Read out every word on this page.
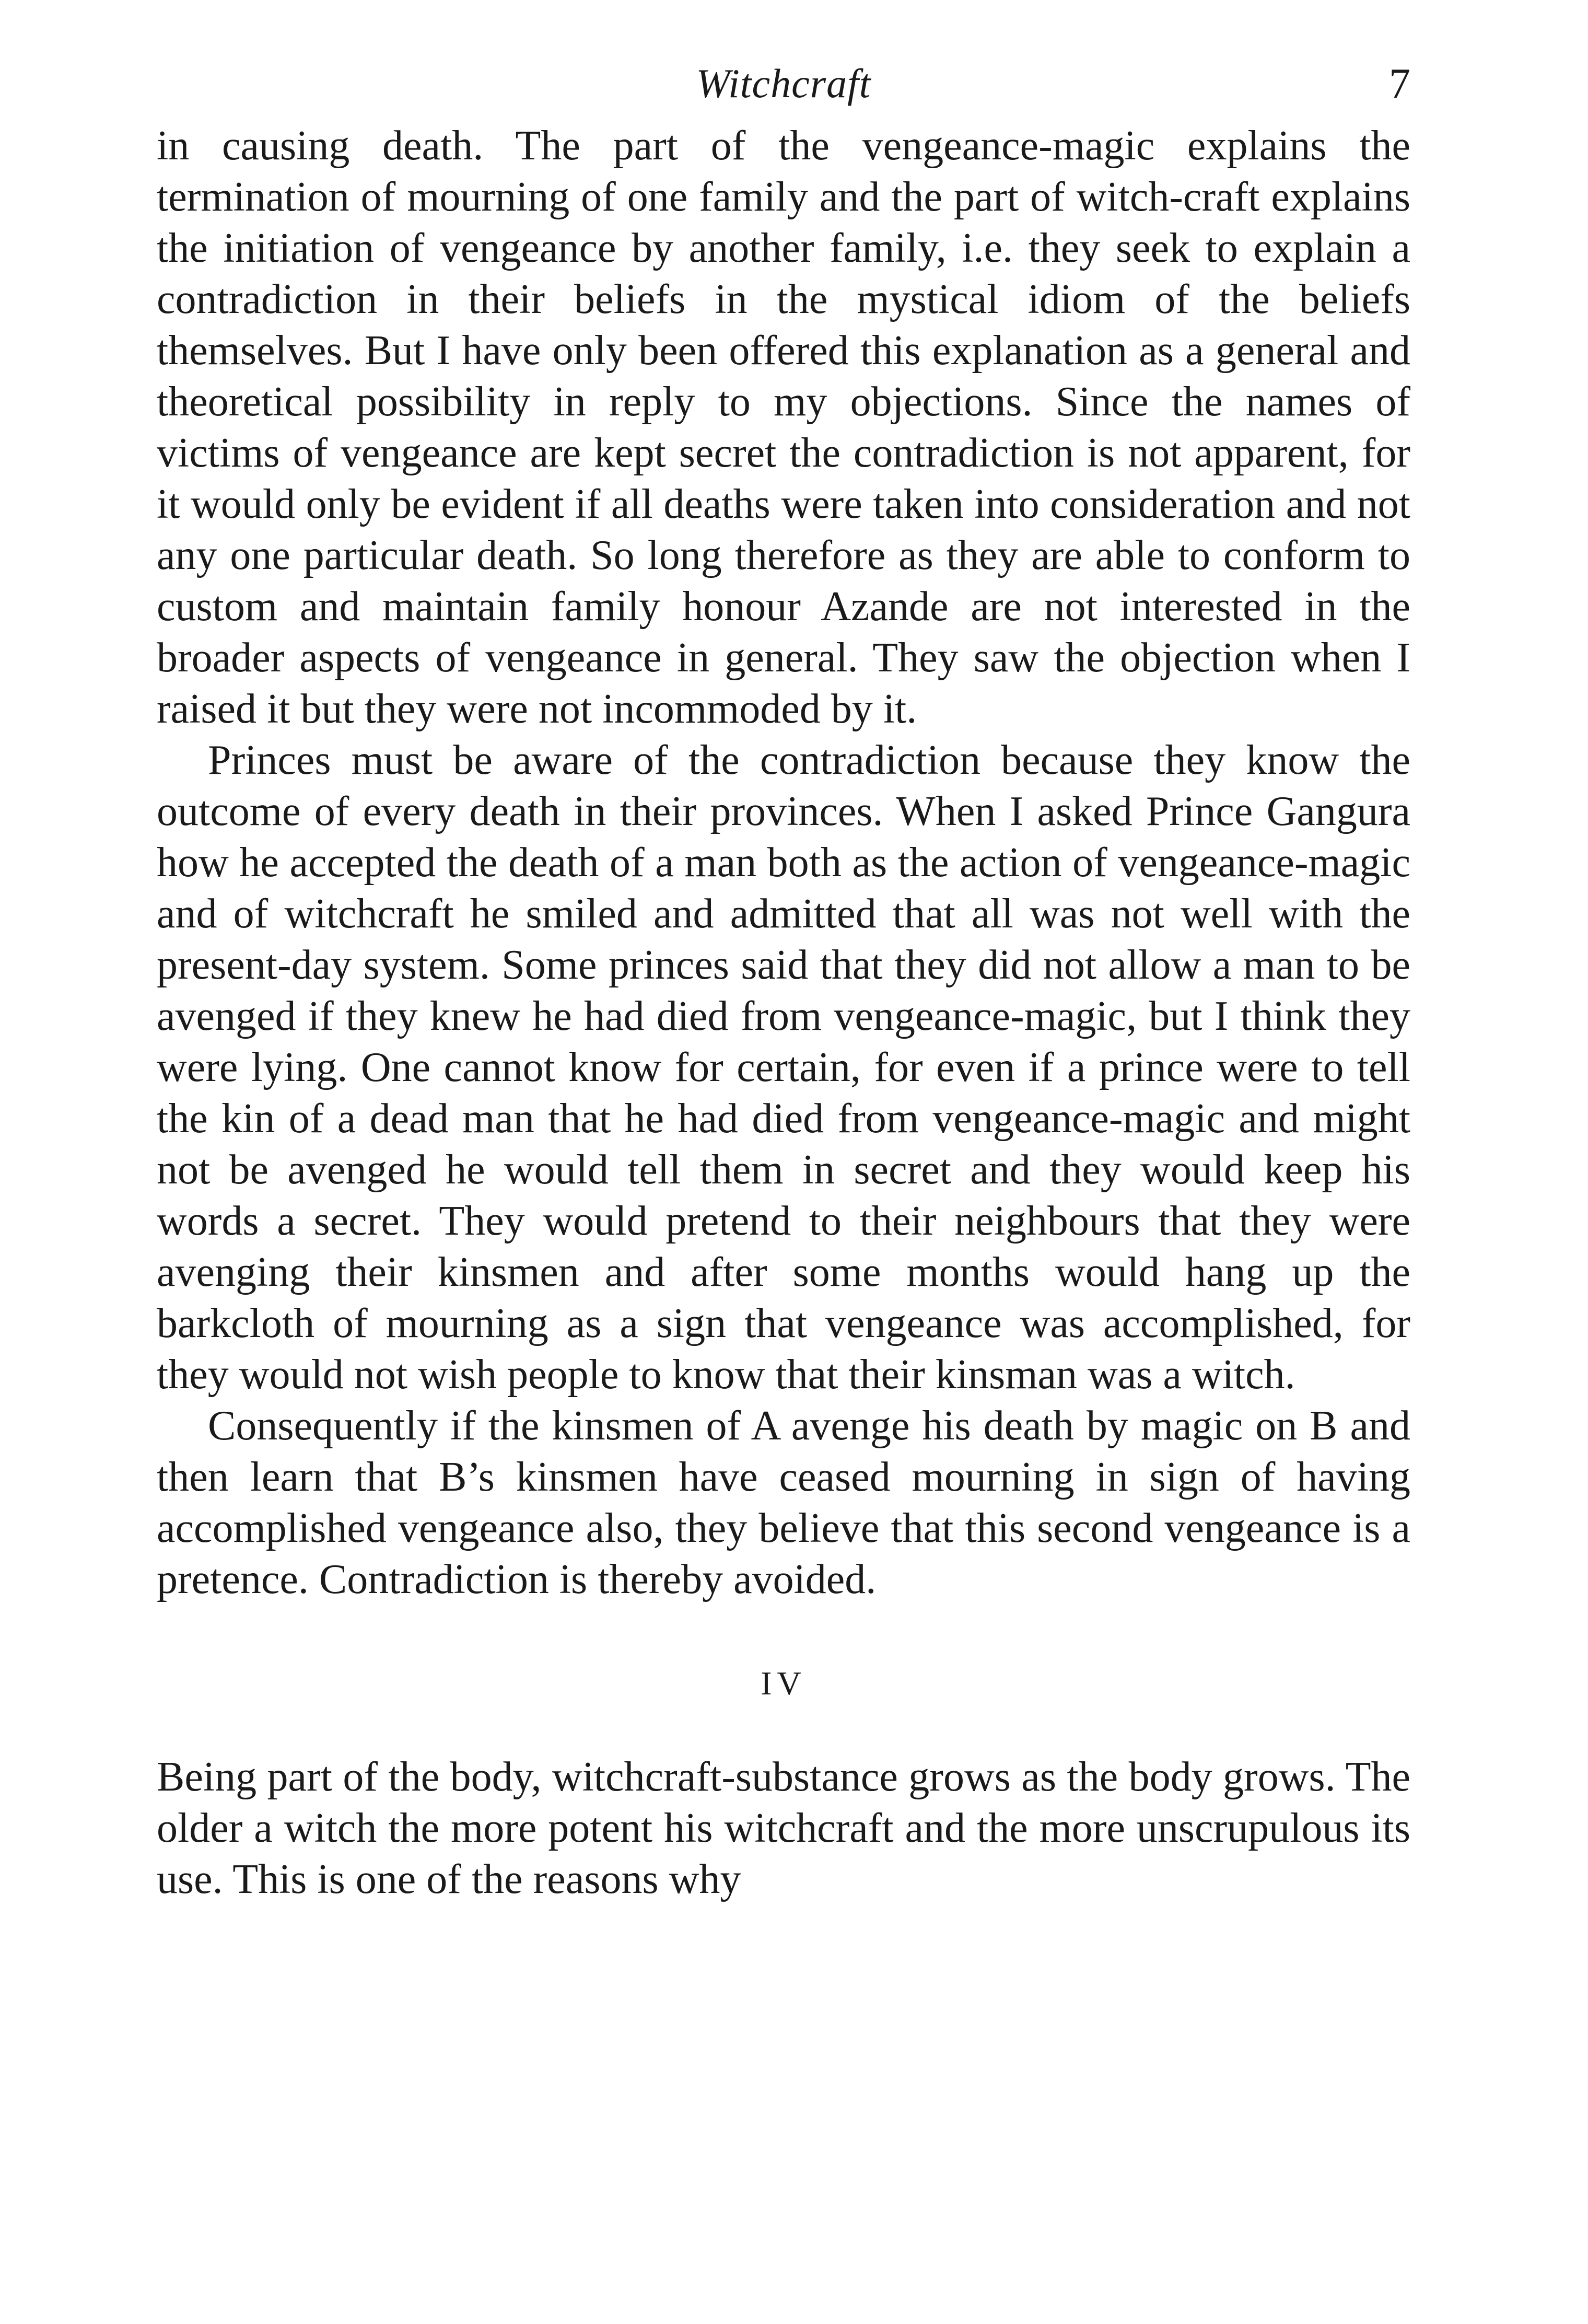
Witchcraft	7

in causing death. The part of the vengeance-magic explains the termination of mourning of one family and the part of witch-craft explains the initiation of vengeance by another family, i.e. they seek to explain a contradiction in their beliefs in the mystical idiom of the beliefs themselves. But I have only been offered this explanation as a general and theoretical possibility in reply to my objections. Since the names of victims of vengeance are kept secret the contradiction is not apparent, for it would only be evident if all deaths were taken into consideration and not any one particular death. So long therefore as they are able to conform to custom and maintain family honour Azande are not interested in the broader aspects of vengeance in general. They saw the objection when I raised it but they were not incommoded by it.

Princes must be aware of the contradiction because they know the outcome of every death in their provinces. When I asked Prince Gangura how he accepted the death of a man both as the action of vengeance-magic and of witchcraft he smiled and admitted that all was not well with the present-day system. Some princes said that they did not allow a man to be avenged if they knew he had died from vengeance-magic, but I think they were lying. One cannot know for certain, for even if a prince were to tell the kin of a dead man that he had died from vengeance-magic and might not be avenged he would tell them in secret and they would keep his words a secret. They would pretend to their neighbours that they were avenging their kinsmen and after some months would hang up the barkcloth of mourning as a sign that vengeance was accomplished, for they would not wish people to know that their kinsman was a witch.

Consequently if the kinsmen of A avenge his death by magic on B and then learn that B’s kinsmen have ceased mourning in sign of having accomplished vengeance also, they believe that this second vengeance is a pretence. Contradiction is thereby avoided.

IV

Being part of the body, witchcraft-substance grows as the body grows. The older a witch the more potent his witchcraft and the more unscrupulous its use. This is one of the reasons why
